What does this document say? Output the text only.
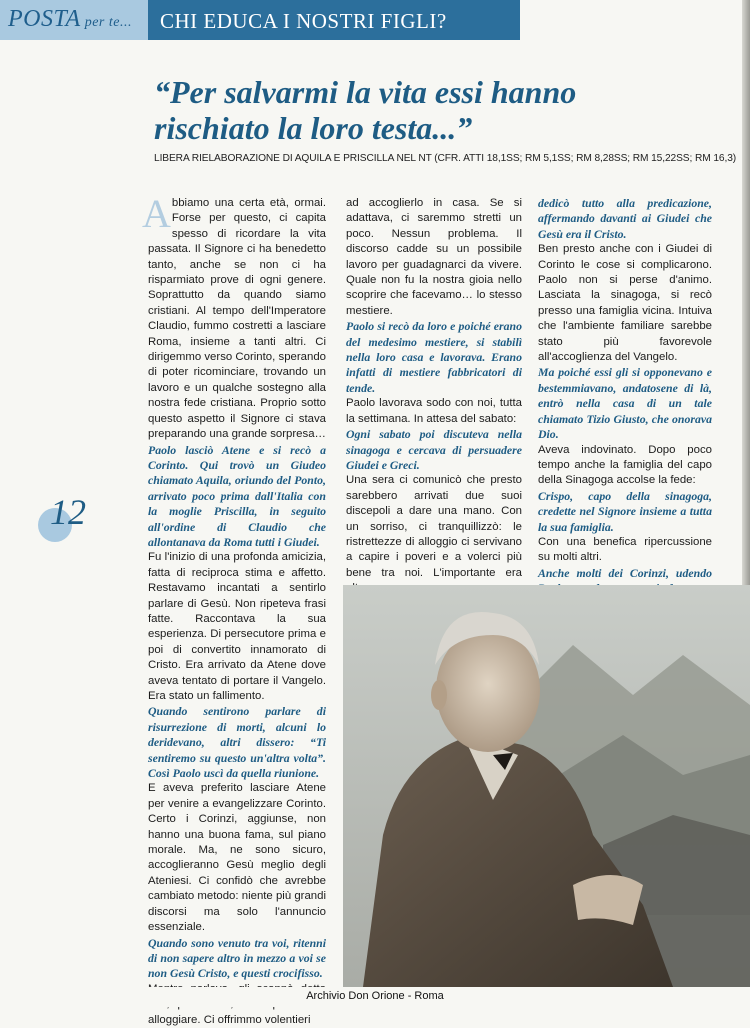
POSTA per te... CHI EDUCA I NOSTRI FIGLI?
“Per salvarmi la vita essi hanno
rischiato la loro testa...”
LIBERA RIELABORAZIONE DI AQUILA E PRISCILLA NEL NT (CFR. ATTI 18,1SS; RM 5,1SS; RM 8,28SS; RM 15,22SS; RM 16,3)
12

Abbiamo una certa età, ormai. Forse per questo, ci capita spesso di ricordare la vita passata. Il Signore ci ha benedetto tanto, anche se non ci ha risparmiato prove di ogni genere. Soprattutto da quando siamo cristiani. Al tempo dell'Imperatore Claudio, fummo costretti a lasciare Roma, insieme a tanti altri. Ci dirigemmo verso Corinto, sperando di poter ricominciare, trovando un lavoro e un qualche sostegno alla nostra fede cristiana. Proprio sotto questo aspetto il Signore ci stava preparando una grande sorpresa…

Paolo lasciò Atene e si recò a Corinto. Qui trovò un Giudeo chiamato Aquila, oriundo del Ponto, arrivato poco prima dall'Italia con la moglie Priscilla, in seguito all'ordine di Claudio che allontanava da Roma tutti i Giudei.

Fu l'inizio di una profonda amicizia, fatta di reciproca stima e affetto. Restavamo incantati a sentirlo parlare di Gesù. Non ripeteva frasi fatte. Raccontava la sua esperienza. Di persecutore prima e poi di convertito innamorato di Cristo. Era arrivato da Atene dove aveva tentato di portare il Vangelo. Era stato un fallimento.

Quando sentirono parlare di risurrezione di morti, alcuni lo deridevano, altri dissero: “Ti sentiremo su questo un'altra volta”. Così Paolo uscì da quella riunione.

E aveva preferito lasciare Atene per venire a evangelizzare Corinto. Certo i Corinzi, aggiunse, non hanno una buona fama, sul piano morale. Ma, ne sono sicuro, accoglieranno Gesù meglio degli Ateniesi. Ci confidò che avrebbe cambiato metodo: niente più grandi discorsi ma solo l'annuncio essenziale.

Quando sono venuto tra voi, ritenni di non sapere altro in mezzo a voi se non Gesù Cristo, e questi crocifisso.

alloggiare. Ci offrimmo volentieri

ad accoglierlo in casa. Se si adattava, ci saremmo stretti un poco. Nessun problema. Il discorso cadde su un possibile lavoro per guadagnarci da vivere. Quale non fu la nostra gioia nello scoprire che facevamo… lo stesso mestiere.

Paolo si recò da loro e poiché erano del medesimo mestiere, si stabilì nella loro casa e lavorava. Erano infatti di mestiere fabbricatori di tende.

Paolo lavorava sodo con noi, tutta la settimana. In attesa del sabato:

Ogni sabato poi discuteva nella sinagoga e cercava di persuadere Giudei e Greci.

Una sera ci comunicò che presto sarebbero arrivati due suoi discepoli a dare una mano. Con un sorriso, ci tranquillizzò: le ristrettezze di alloggio ci servivano a capire i poveri e a volerci più bene tra noi. L'importante era

dedicò tutto alla predicazione, affermando davanti ai Giudei che Gesù era il Cristo.

Ben presto anche con i Giudei di Corinto le cose si complicarono. Paolo non si perse d'animo. Lasciata la sinagoga, si recò presso una famiglia vicina. Intuiva che l'ambiente familiare sarebbe stato più favorevole all'accoglienza del Vangelo.

Ma poiché essi gli si opponevano e bestemmiavano, andatosene di là, entrò nella casa di un tale chiamato Tizio Giusto, che onorava Dio.

Aveva indovinato. Dopo poco tempo anche la famiglia del capo della Sinagoga accolse la fede:

Crispo, capo della sinagoga, credette nel Signore insieme a tutta la sua famiglia.

Con una benefica ripercussione su molti altri.

Anche molti dei Corinzi, udendo

Archivio Don Orione - Roma
